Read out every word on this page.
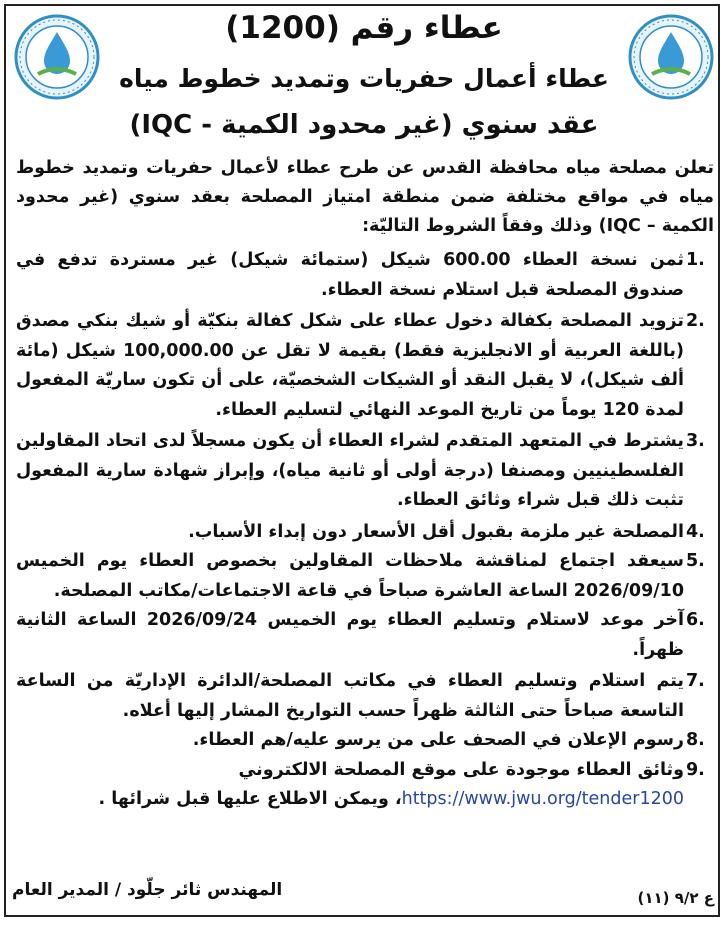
عطاء رقم (1200)
عطاء أعمال حفريات وتمديد خطوط مياه
عقد سنوي (غير محدود الكمية - IQC)

تعلن مصلحة مياه محافظة القدس عن طرح عطاء لأعمال حفريات وتمديد خطوط مياه في مواقع مختلفة ضمن منطقة امتياز المصلحة بعقد سنوي (غير محدود الكمية – IQC) وذلك وفقاً الشروط التاليّة:

1.
ثمن نسخة العطاء 600.00 شيكل (ستمائة شيكل) غير مستردة تدفع في صندوق المصلحة قبل استلام نسخة العطاء.
2.
تزويد المصلحة بكفالة دخول عطاء على شكل كفالة بنكيّة أو شيك بنكي مصدق (باللغة العربية أو الانجليزية فقط) بقيمة لا تقل عن 100,000.00 شيكل (مائة ألف شيكل)، لا يقبل النقد أو الشيكات الشخصيّة، على أن تكون ساريّة المفعول لمدة 120 يوماً من تاريخ الموعد النهائي لتسليم العطاء.
3.
يشترط في المتعهد المتقدم لشراء العطاء أن يكون مسجلاً لدى اتحاد المقاولين الفلسطينيين ومصنفا (درجة أولى أو ثانية مياه)، وإبراز شهادة سارية المفعول تثبت ذلك قبل شراء وثائق العطاء.
4.
المصلحة غير ملزمة بقبول أقل الأسعار دون إبداء الأسباب.
5.
سيعقد اجتماع لمناقشة ملاحظات المقاولين بخصوص العطاء يوم الخميس 2026/09/10 الساعة العاشرة صباحاً في قاعة الاجتماعات/مكاتب المصلحة.
6.
آخر موعد لاستلام وتسليم العطاء يوم الخميس 2026/09/24 الساعة الثانية ظهراً.
7.
يتم استلام وتسليم العطاء في مكاتب المصلحة/الدائرة الإداريّة من الساعة التاسعة صباحاً حتى الثالثة ظهراً حسب التواريخ المشار إليها أعلاه.
8.
رسوم الإعلان في الصحف على من يرسو عليه/هم العطاء.
9.
وثائق العطاء موجودة على موقع المصلحة الالكتروني
https://www.jwu.org/tender1200، ويمكن الاطلاع عليها قبل شرائها .
المهندس ثائر جلّود / المدير العام	ع ٩/٢ (١١)
